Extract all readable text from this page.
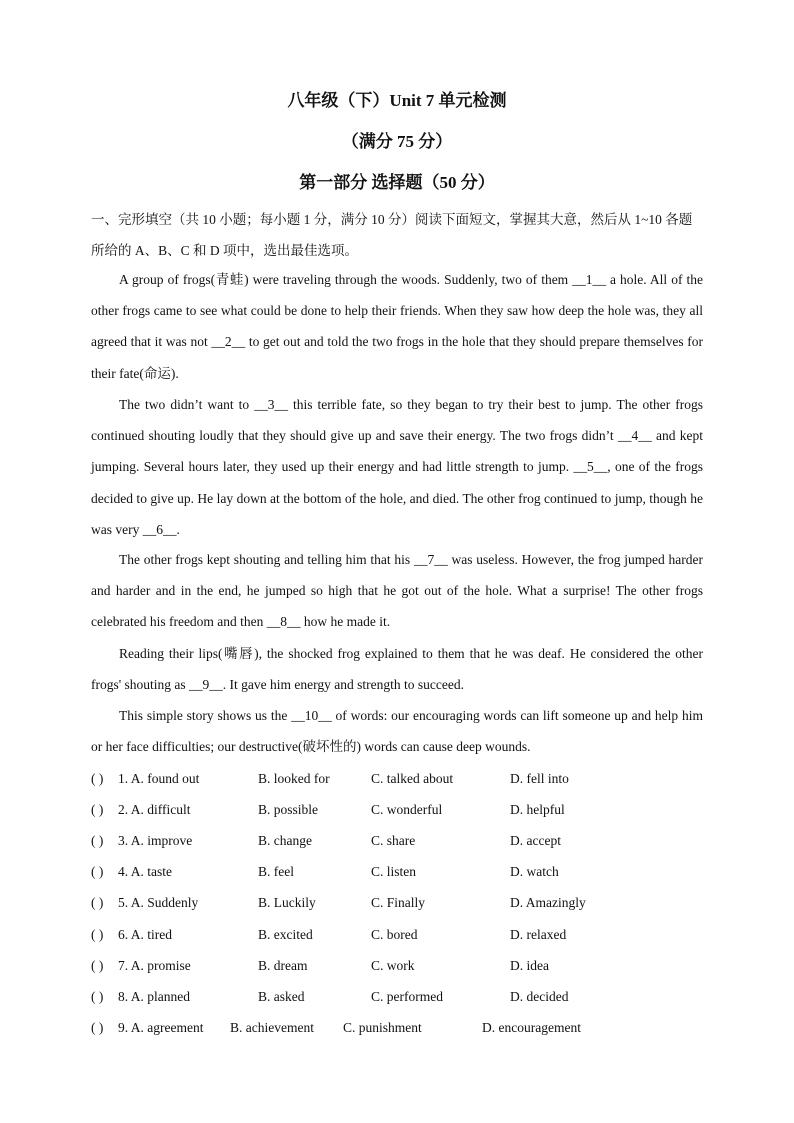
八年级（下）Unit 7 单元检测
（满分 75 分）
第一部分 选择题（50 分）
一、完形填空（共 10 小题；每小题 1 分，满分 10 分）阅读下面短文，掌握其大意，然后从 1~10 各题所给的 A、B、C 和 D 项中，选出最佳选项。
A group of frogs(青蛙) were traveling through the woods. Suddenly, two of them __1__ a hole. All of the other frogs came to see what could be done to help their friends. When they saw how deep the hole was, they all agreed that it was not __2__ to get out and told the two frogs in the hole that they should prepare themselves for their fate(命运).
The two didn’t want to __3__ this terrible fate, so they began to try their best to jump. The other frogs continued shouting loudly that they should give up and save their energy. The two frogs didn’t __4__ and kept jumping. Several hours later, they used up their energy and had little strength to jump. __5__, one of the frogs decided to give up. He lay down at the bottom of the hole, and died. The other frog continued to jump, though he was very __6__.
The other frogs kept shouting and telling him that his __7__ was useless. However, the frog jumped harder and harder and in the end, he jumped so high that he got out of the hole. What a surprise! The other frogs celebrated his freedom and then __8__ how he made it.
Reading their lips(嘴唇), the shocked frog explained to them that he was deaf. He considered the other frogs' shouting as __9__. It gave him energy and strength to succeed.
This simple story shows us the __10__ of words: our encouraging words can lift someone up and help him or her face difficulties; our destructive(破坏性的) words can cause deep wounds.
( ) 1. A. found out	B. looked for	C. talked about	D. fell into
( ) 2. A. difficult	B. possible	C. wonderful	D. helpful
( ) 3. A. improve	B. change	C. share	D. accept
( ) 4. A. taste	B. feel	C. listen	D. watch
( ) 5. A. Suddenly	B. Luckily	C. Finally	D. Amazingly
( ) 6. A. tired	B. excited	C. bored	D. relaxed
( ) 7. A. promise	B. dream	C. work	D. idea
( ) 8. A. planned	B. asked	C. performed	D. decided
( ) 9. A. agreement B. achievement C. punishment	D. encouragement
